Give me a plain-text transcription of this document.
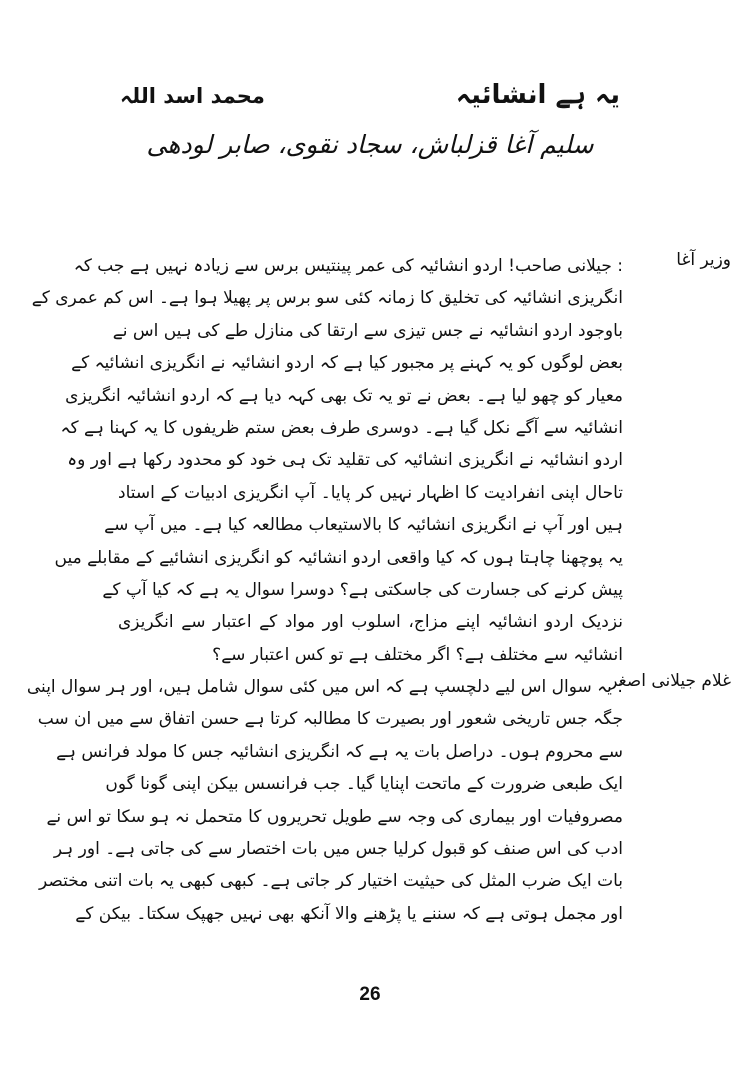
یہ ہے انشائیہ
محمد اسد اللہ
سلیم آغا قزلباش، سجاد نقوی، صابر لودھی
وزیر آغا
: جیلانی صاحب! اردو انشائیہ کی عمر پینتیس برس سے زیادہ نہیں ہے جب کہ
انگریزی انشائیہ کی تخلیق کا زمانہ کئی سو برس پر پھیلا ہوا ہے۔ اس کم عمری کے
باوجود اردو انشائیہ نے جس تیزی سے ارتقا کی منازل طے کی ہیں اس نے
بعض لوگوں کو یہ کہنے پر مجبور کیا ہے کہ اردو انشائیہ نے انگریزی انشائیہ کے
معیار کو چھو لیا ہے۔ بعض نے تو یہ تک بھی کہہ دیا ہے کہ اردو انشائیہ انگریزی
انشائیہ سے آگے نکل گیا ہے۔ دوسری طرف بعض ستم ظریفوں کا یہ کہنا ہے کہ
اردو انشائیہ نے انگریزی انشائیہ کی تقلید تک ہی خود کو محدود رکھا ہے اور وہ
تاحال اپنی انفرادیت کا اظہار نہیں کر پایا۔ آپ انگریزی ادبیات کے استاد
ہیں اور آپ نے انگریزی انشائیہ کا بالاستیعاب مطالعہ کیا ہے۔ میں آپ سے
یہ پوچھنا چاہتا ہوں کہ کیا واقعی اردو انشائیہ کو انگریزی انشائیے کے مقابلے میں
پیش کرنے کی جسارت کی جاسکتی ہے؟ دوسرا سوال یہ ہے کہ کیا آپ کے
نزدیک اردو انشائیہ اپنے مزاج، اسلوب اور مواد کے اعتبار سے انگریزی
انشائیہ سے مختلف ہے؟ اگر مختلف ہے تو کس اعتبار سے؟
غلام جیلانی اصغر
: یہ سوال اس لیے دلچسپ ہے کہ اس میں کئی سوال شامل ہیں، اور ہر سوال اپنی
جگہ جس تاریخی شعور اور بصیرت کا مطالبہ کرتا ہے حسن اتفاق سے میں ان سب
سے محروم ہوں۔ دراصل بات یہ ہے کہ انگریزی انشائیہ جس کا مولد فرانس ہے
ایک طبعی ضرورت کے ماتحت اپنایا گیا۔ جب فرانسس بیکن اپنی گونا گوں
مصروفیات اور بیماری کی وجہ سے طویل تحریروں کا متحمل نہ ہو سکا تو اس نے
ادب کی اس صنف کو قبول کرلیا جس میں بات اختصار سے کی جاتی ہے۔ اور ہر
بات ایک ضرب المثل کی حیثیت اختیار کر جاتی ہے۔ کبھی کبھی یہ بات اتنی مختصر
اور مجمل ہوتی ہے کہ سننے یا پڑھنے والا آنکھ بھی نہیں جھپک سکتا۔ بیکن کے
26
